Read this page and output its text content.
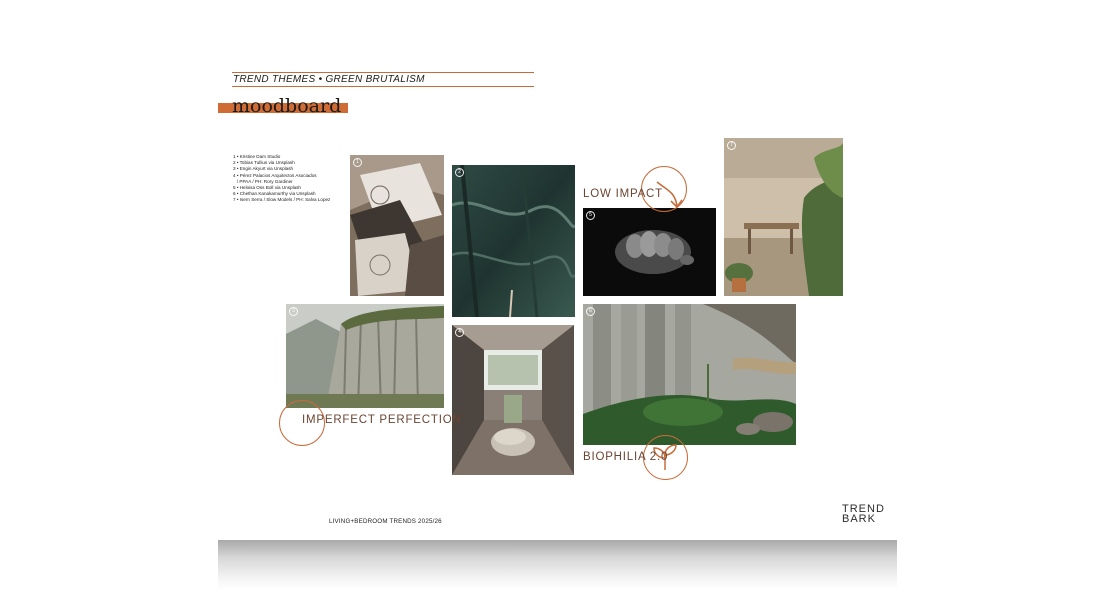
TREND THEMES • GREEN BRUTALISM
moodboard
1 • Kristine Dam Studio
2 • Tobias Tullius via Unsplash
3 • Engin Akyurt via Unsplash
4 • Pérez Palacios Arquitectos Asociados
/ PPAA / PH: Rory Gardiner
5 • Heloisa Oss Boll via Unsplash
6 • Chethan Kanakamurthy via Unsplash
7 • Isern Serra / Slow Models / PH: Salva Lopez
1
2
5
7
3
4
6
LOW IMPACT
IMPERFECT PERFECTION
BIOPHILIA 2.0
LIVING+BEDROOM TRENDS 2025/26
TREND
BARK
